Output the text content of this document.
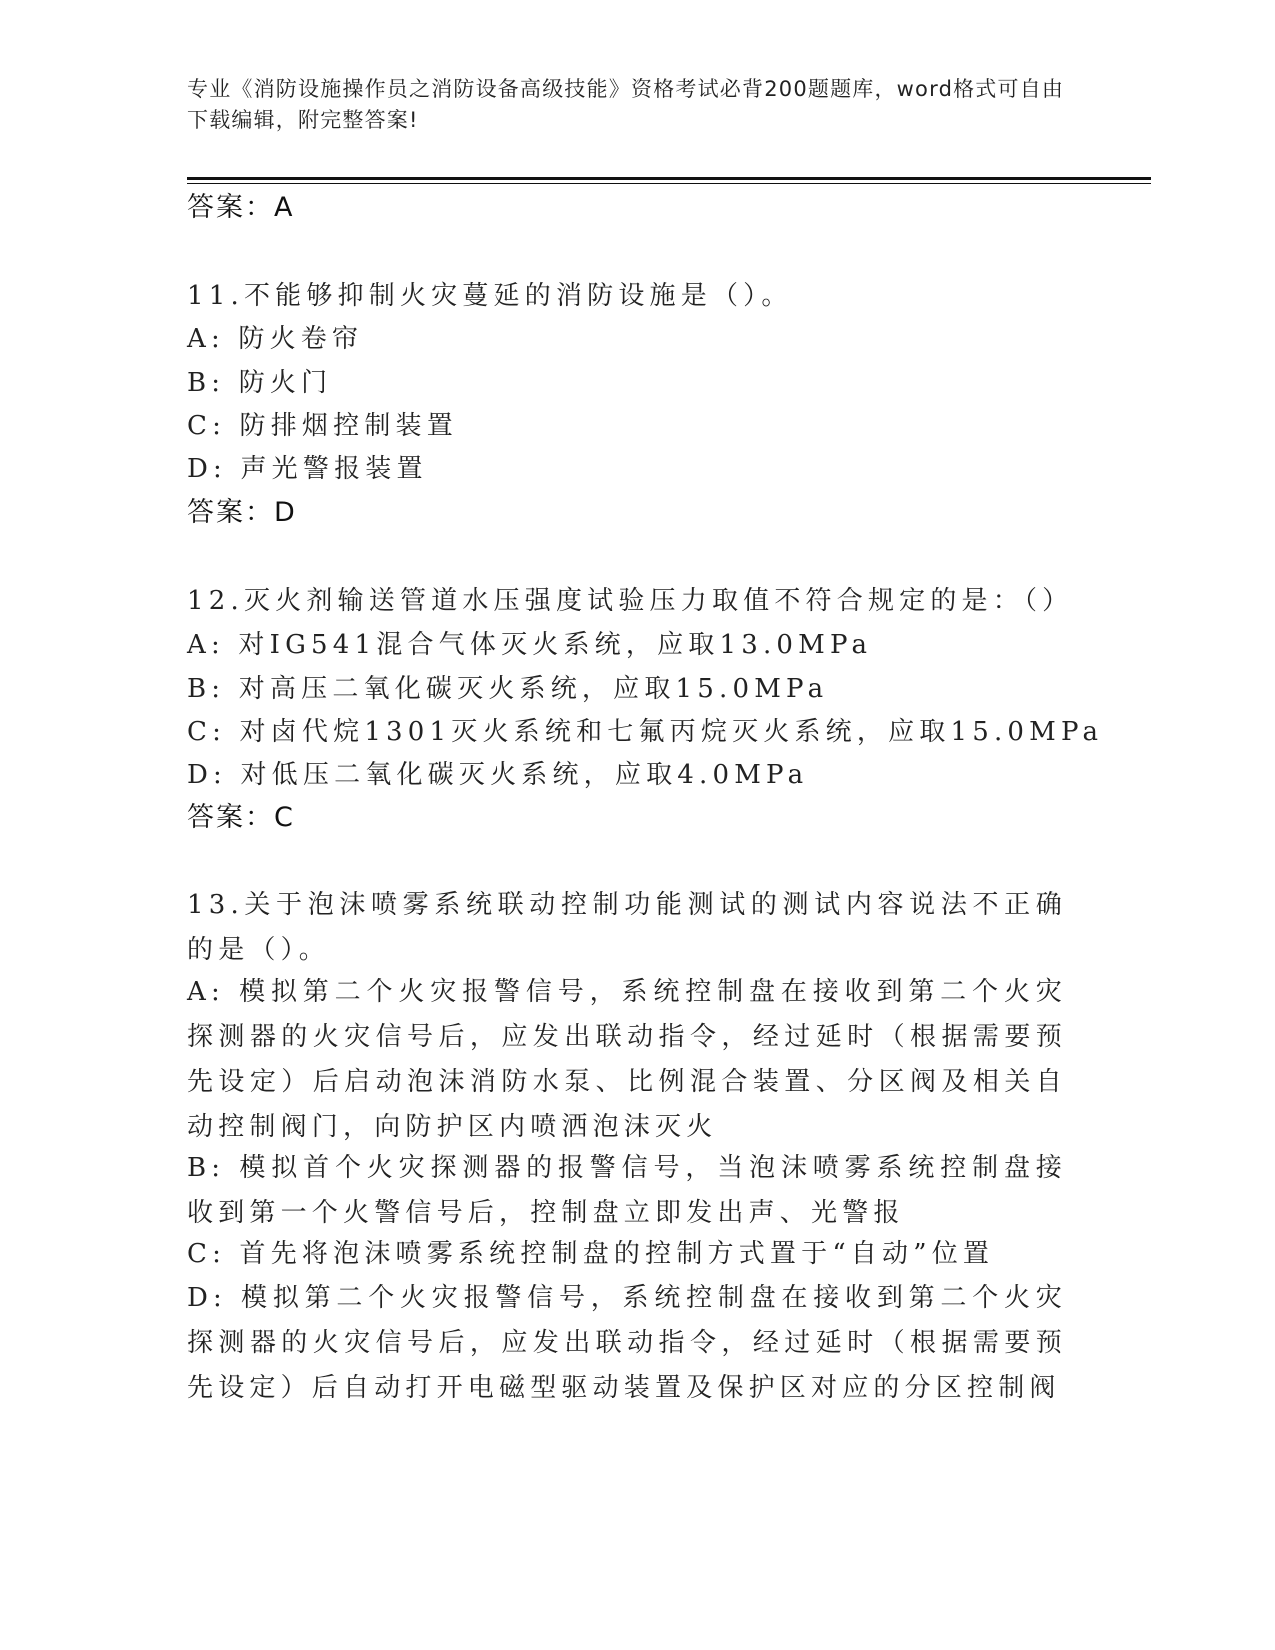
专业《消防设施操作员之消防设备高级技能》资格考试必背200题题库，word格式可自由下载编辑，附完整答案!
答案：A
11.不能够抑制火灾蔓延的消防设施是（）。
A: 防火卷帘
B: 防火门
C: 防排烟控制装置
D: 声光警报装置
答案：D
12.灭火剂输送管道水压强度试验压力取值不符合规定的是：（）
A: 对IG541混合气体灭火系统，应取13.0MPa
B: 对高压二氧化碳灭火系统，应取15.0MPa
C: 对卤代烷1301灭火系统和七氟丙烷灭火系统，应取15.0MPa
D: 对低压二氧化碳灭火系统，应取4.0MPa
答案：C
13.关于泡沫喷雾系统联动控制功能测试的测试内容说法不正确的是（）。
A: 模拟第二个火灾报警信号，系统控制盘在接收到第二个火灾探测器的火灾信号后，应发出联动指令，经过延时（根据需要预先设定）后启动泡沫消防水泵、比例混合装置、分区阀及相关自动控制阀门，向防护区内喷洒泡沫灭火
B: 模拟首个火灾探测器的报警信号，当泡沫喷雾系统控制盘接收到第一个火警信号后，控制盘立即发出声、光警报
C: 首先将泡沫喷雾系统控制盘的控制方式置于“自动”位置
D: 模拟第二个火灾报警信号，系统控制盘在接收到第二个火灾探测器的火灾信号后，应发出联动指令，经过延时（根据需要预先设定）后自动打开电磁型驱动装置及保护区对应的分区控制阀
